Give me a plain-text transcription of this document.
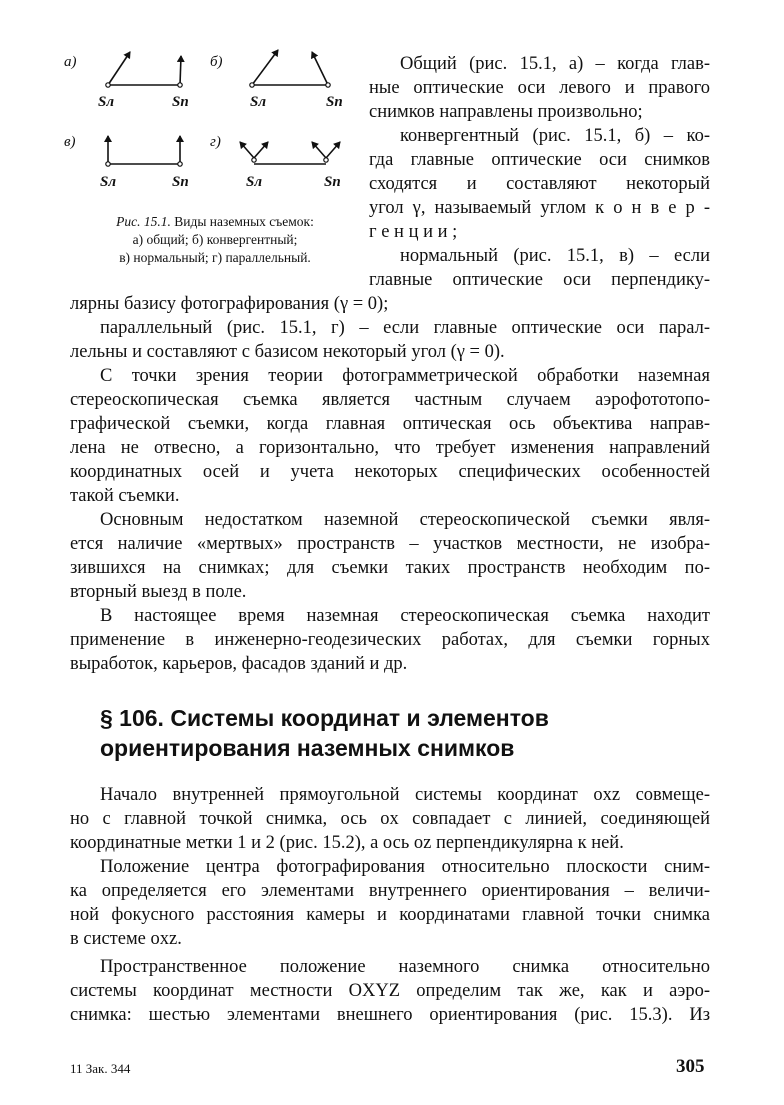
а)
Sл	Sп
б)
Sл	Sп
в)
Sл	Sп
г)
Sл	Sп
Рис. 15.1. Виды наземных съемок:
а) общий; б) конвергентный;
в) нормальный; г) параллельный.
Общий (рис. 15.1, а) – когда глав-
ные оптические оси левого и правого
снимков направлены произвольно;
конвергентный (рис. 15.1, б) – ко-
гда главные оптические оси снимков
сходятся и составляют некоторый
угол γ, называемый углом к о н в е р -
г е н ц и и ;
нормальный (рис. 15.1, в) – если
главные оптические оси перпендику-
лярны базису фотографирования (γ = 0);
параллельный (рис. 15.1, г) – если главные оптические оси парал-
лельны и составляют с базисом некоторый угол (γ = 0).
С точки зрения теории фотограмметрической обработки наземная
стереоскопическая съемка является частным случаем аэрофототопо-
графической съемки, когда главная оптическая ось объектива направ-
лена не отвесно, а горизонтально, что требует изменения направлений
координатных осей и учета некоторых специфических особенностей
такой съемки.
Основным недостатком наземной стереоскопической съемки явля-
ется наличие «мертвых» пространств – участков местности, не изобра-
зившихся на снимках; для съемки таких пространств необходим по-
вторный выезд в поле.
В настоящее время наземная стереоскопическая съемка находит
применение в инженерно-геодезических работах, для съемки горных
выработок, карьеров, фасадов зданий и др.
§ 106. Системы координат и элементов
ориентирования наземных снимков
Начало внутренней прямоугольной системы координат oxz совмеще-
но с главной точкой снимка, ось ox совпадает с линией, соединяющей
координатные метки 1 и 2 (рис. 15.2), а ось oz перпендикулярна к ней.
Положение центра фотографирования относительно плоскости сним-
ка определяется его элементами внутреннего ориентирования – величи-
ной фокусного расстояния камеры и координатами главной точки снимка
в системе oxz.
Пространственное положение наземного снимка относительно
системы координат местности OXYZ определим так же, как и аэро-
снимка: шестью элементами внешнего ориентирования (рис. 15.3). Из
11 Зак. 344	305
